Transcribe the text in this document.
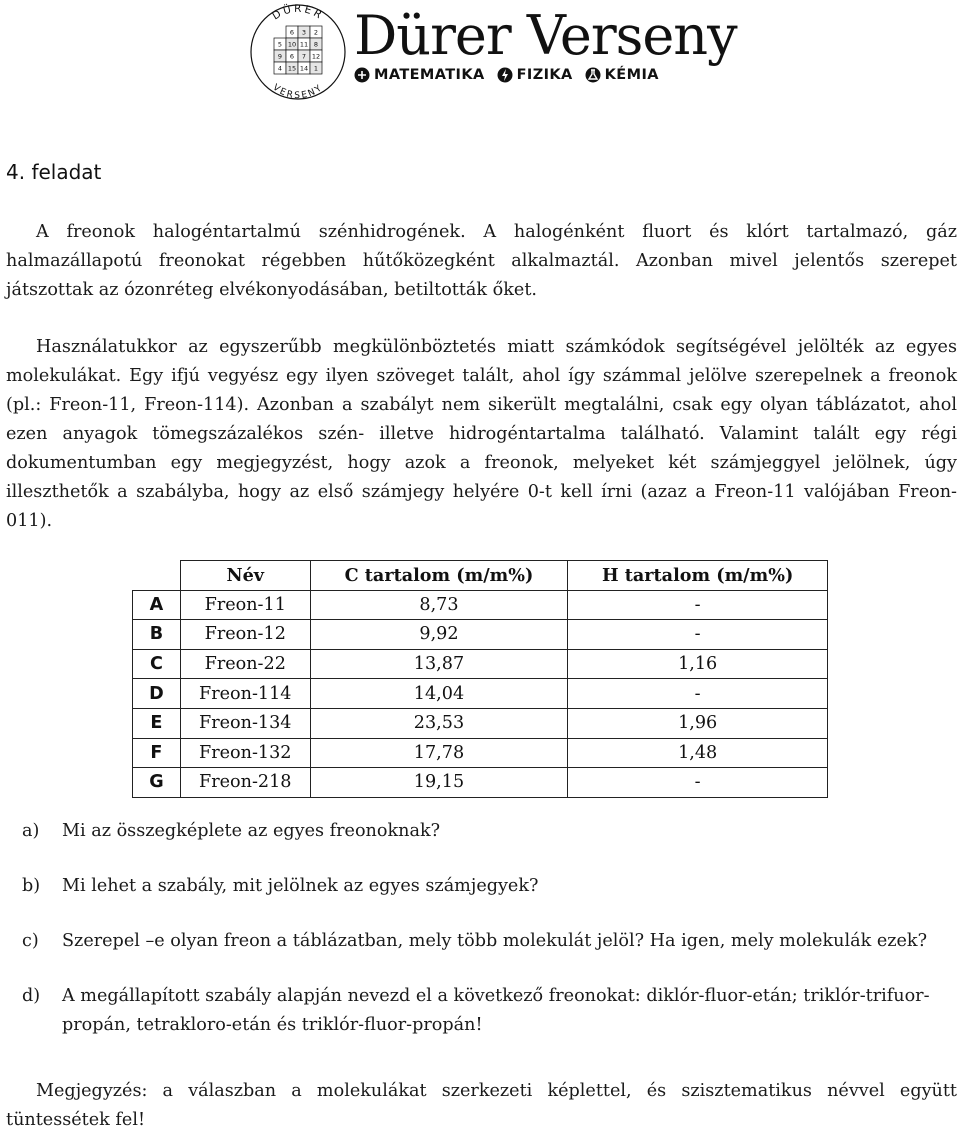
DÜRER
VERSENY
6 3 2
5 10 11 8
9 6 7 12
4 15 14 1
Dürer Verseny
MATEMATIKA FIZIKA KÉMIA
4. feladat

A freonok halogéntartalmú szénhidrogének. A halogénként fluort és klórt tartalmazó, gáz halmazállapotú freonokat régebben hűtőközegként alkalmaztál. Azonban mivel jelentős szerepet játszottak az ózonréteg elvékonyodásában, betiltották őket.

Használatukkor az egyszerűbb megkülönböztetés miatt számkódok segítségével jelölték az egyes molekulákat. Egy ifjú vegyész egy ilyen szöveget talált, ahol így számmal jelölve szerepelnek a freonok (pl.: Freon-11, Freon-114). Azonban a szabályt nem sikerült megtalálni, csak egy olyan táblázatot, ahol ezen anyagok tömegszázalékos szén- illetve hidrogéntartalma található. Valamint talált egy régi dokumentumban egy megjegyzést, hogy azok a freonok, melyeket két számjeggyel jelölnek, úgy illeszthetők a szabályba, hogy az első számjegy helyére 0-t kell írni (azaz a Freon-11 valójában Freon-011).

	Név	C tartalom (m/m%)	H tartalom (m/m%)
A	Freon-11	8,73	-
B	Freon-12	9,92	-
C	Freon-22	13,87	1,16
D	Freon-114	14,04	-
E	Freon-134	23,53	1,96
F	Freon-132	17,78	1,48
G	Freon-218	19,15	-
a) Mi az összegképlete az egyes freonoknak?
b) Mi lehet a szabály, mit jelölnek az egyes számjegyek?
c) Szerepel –e olyan freon a táblázatban, mely több molekulát jelöl? Ha igen, mely molekulák ezek?
d) A megállapított szabály alapján nevezd el a következő freonokat: diklór-fluor-etán; triklór-trifuor-propán, tetrakloro-etán és triklór-fluor-propán!

Megjegyzés: a válaszban a molekulákat szerkezeti képlettel, és szisztematikus névvel együtt tüntessétek fel!
